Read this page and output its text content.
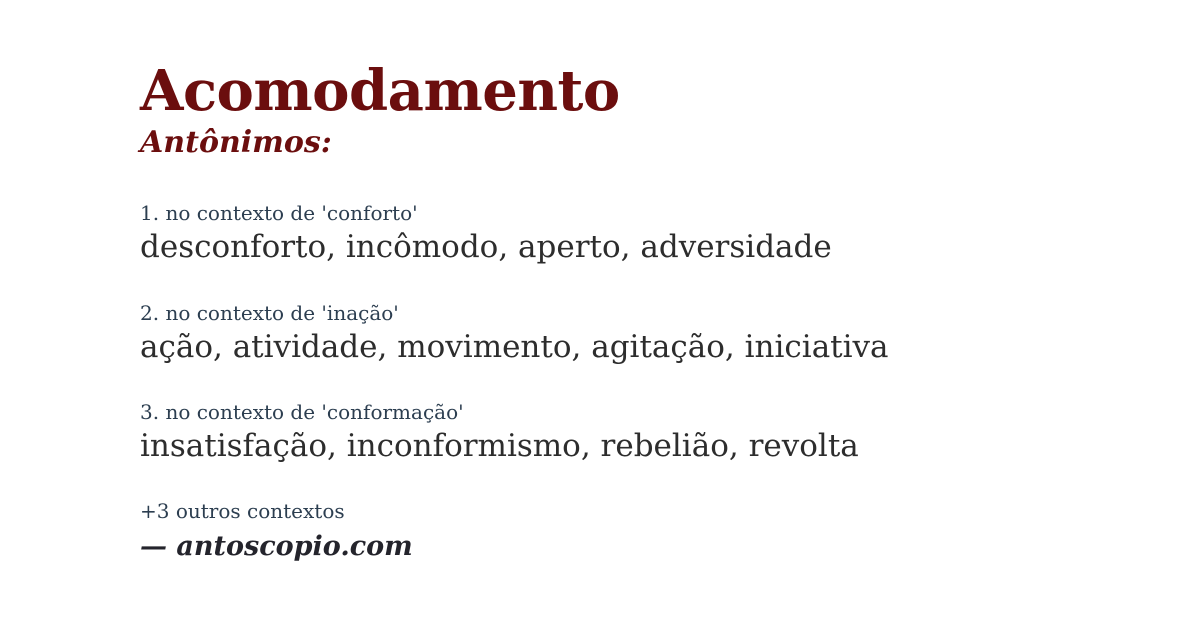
Acomodamento
Antônimos:
1. no contexto de 'conforto'
desconforto, incômodo, aperto, adversidade
2. no contexto de 'inação'
ação, atividade, movimento, agitação, iniciativa
3. no contexto de 'conformação'
insatisfação, inconformismo, rebelião, revolta
+3 outros contextos
— antoscopio.com
